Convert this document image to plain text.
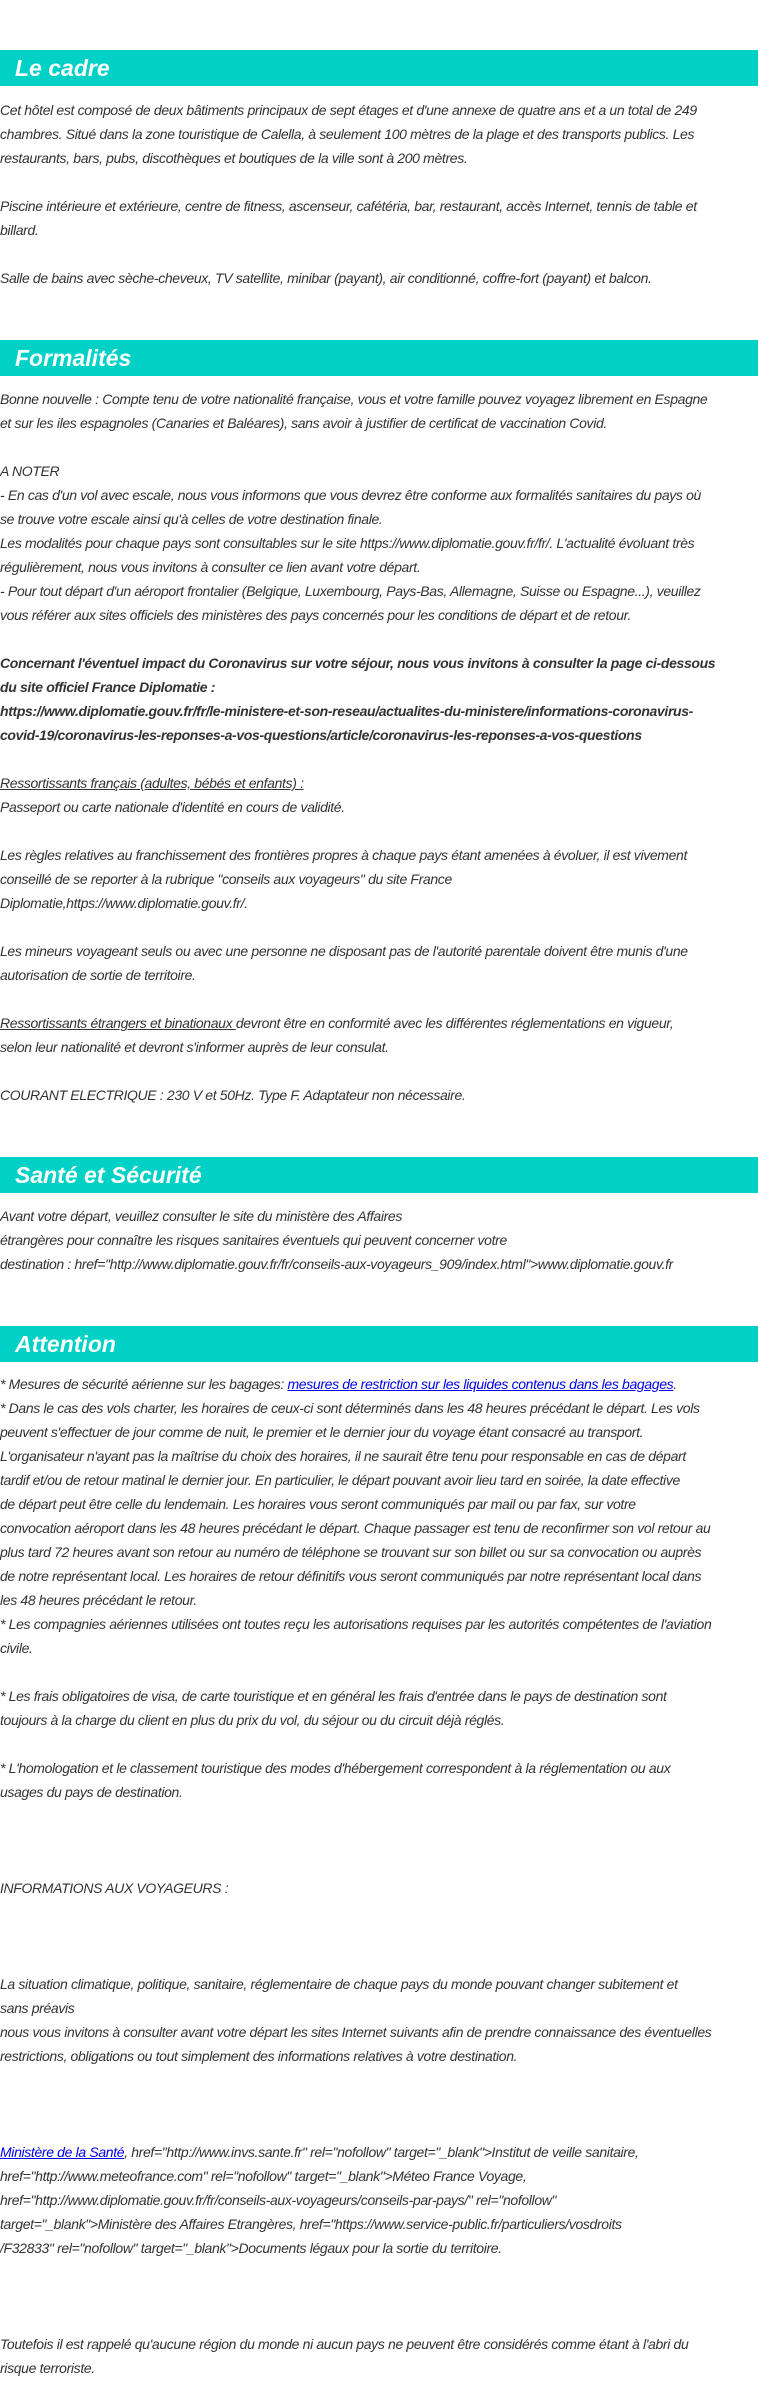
Le cadre
Cet hôtel est composé de deux bâtiments principaux de sept étages et d'une annexe de quatre ans et a un total de 249
chambres. Situé dans la zone touristique de Calella, à seulement 100 mètres de la plage et des transports publics. Les
restaurants, bars, pubs, discothèques et boutiques de la ville sont à 200 mètres.
Piscine intérieure et extérieure, centre de fitness, ascenseur, cafétéria, bar, restaurant, accès Internet, tennis de table et
billard.
Salle de bains avec sèche-cheveux, TV satellite, minibar (payant), air conditionné, coffre-fort (payant) et balcon.
Formalités
Bonne nouvelle : Compte tenu de votre nationalité française, vous et votre famille pouvez voyagez librement en Espagne
et sur les iles espagnoles (Canaries et Baléares), sans avoir à justifier de certificat de vaccination Covid.
A NOTER
- En cas d'un vol avec escale, nous vous informons que vous devrez être conforme aux formalités sanitaires du pays où
se trouve votre escale ainsi qu'à celles de votre destination finale.
Les modalités pour chaque pays sont consultables sur le site https://www.diplomatie.gouv.fr/fr/. L'actualité évoluant très
régulièrement, nous vous invitons à consulter ce lien avant votre départ.
- Pour tout départ d'un aéroport frontalier (Belgique, Luxembourg, Pays-Bas, Allemagne, Suisse ou Espagne...), veuillez
vous référer aux sites officiels des ministères des pays concernés pour les conditions de départ et de retour.
Concernant l'éventuel impact du Coronavirus sur votre séjour, nous vous invitons à consulter la page ci-dessous
du site officiel France Diplomatie :
https://www.diplomatie.gouv.fr/fr/le-ministere-et-son-reseau/actualites-du-ministere/informations-coronavirus-
covid-19/coronavirus-les-reponses-a-vos-questions/article/coronavirus-les-reponses-a-vos-questions
Ressortissants français (adultes, bébés et enfants) :
Passeport ou carte nationale d'identité en cours de validité.
Les règles relatives au franchissement des frontières propres à chaque pays étant amenées à évoluer, il est vivement
conseillé de se reporter à la rubrique "conseils aux voyageurs" du site France
Diplomatie,https://www.diplomatie.gouv.fr/.
Les mineurs voyageant seuls ou avec une personne ne disposant pas de l'autorité parentale doivent être munis d'une
autorisation de sortie de territoire.
Ressortissants étrangers et binationaux devront être en conformité avec les différentes réglementations en vigueur,
selon leur nationalité et devront s'informer auprès de leur consulat.
COURANT ELECTRIQUE : 230 V et 50Hz. Type F. Adaptateur non nécessaire.
Santé et Sécurité
Avant votre départ, veuillez consulter le site du ministère des Affaires
étrangères pour connaître les risques sanitaires éventuels qui peuvent concerner votre
destination : href="http://www.diplomatie.gouv.fr/fr/conseils-aux-voyageurs_909/index.html">www.diplomatie.gouv.fr
Attention
* Mesures de sécurité aérienne sur les bagages: mesures de restriction sur les liquides contenus dans les bagages.
* Dans le cas des vols charter, les horaires de ceux-ci sont déterminés dans les 48 heures précédant le départ. Les vols
peuvent s'effectuer de jour comme de nuit, le premier et le dernier jour du voyage étant consacré au transport.
L'organisateur n'ayant pas la maîtrise du choix des horaires, il ne saurait être tenu pour responsable en cas de départ
tardif et/ou de retour matinal le dernier jour. En particulier, le départ pouvant avoir lieu tard en soirée, la date effective
de départ peut être celle du lendemain. Les horaires vous seront communiqués par mail ou par fax, sur votre
convocation aéroport dans les 48 heures précédant le départ. Chaque passager est tenu de reconfirmer son vol retour au
plus tard 72 heures avant son retour au numéro de téléphone se trouvant sur son billet ou sur sa convocation ou auprès
de notre représentant local. Les horaires de retour définitifs vous seront communiqués par notre représentant local dans
les 48 heures précédant le retour.
* Les compagnies aériennes utilisées ont toutes reçu les autorisations requises par les autorités compétentes de l'aviation
civile.
* Les frais obligatoires de visa, de carte touristique et en général les frais d'entrée dans le pays de destination sont
toujours à la charge du client en plus du prix du vol, du séjour ou du circuit déjà réglés.
* L'homologation et le classement touristique des modes d'hébergement correspondent à la réglementation ou aux
usages du pays de destination.
INFORMATIONS AUX VOYAGEURS :
La situation climatique, politique, sanitaire, réglementaire de chaque pays du monde pouvant changer subitement et
sans préavis
nous vous invitons à consulter avant votre départ les sites Internet suivants afin de prendre connaissance des éventuelles
restrictions, obligations ou tout simplement des informations relatives à votre destination.
Ministère de la Santé, href="http://www.invs.sante.fr" rel="nofollow" target="_blank">Institut de veille sanitaire,
href="http://www.meteofrance.com" rel="nofollow" target="_blank">Méteo France Voyage,
href="http://www.diplomatie.gouv.fr/fr/conseils-aux-voyageurs/conseils-par-pays/" rel="nofollow"
target="_blank">Ministère des Affaires Etrangères, href="https://www.service-public.fr/particuliers/vosdroits
/F32833" rel="nofollow" target="_blank">Documents légaux pour la sortie du territoire.
Toutefois il est rappelé qu'aucune région du monde ni aucun pays ne peuvent être considérés comme étant à l'abri du
risque terroriste.
